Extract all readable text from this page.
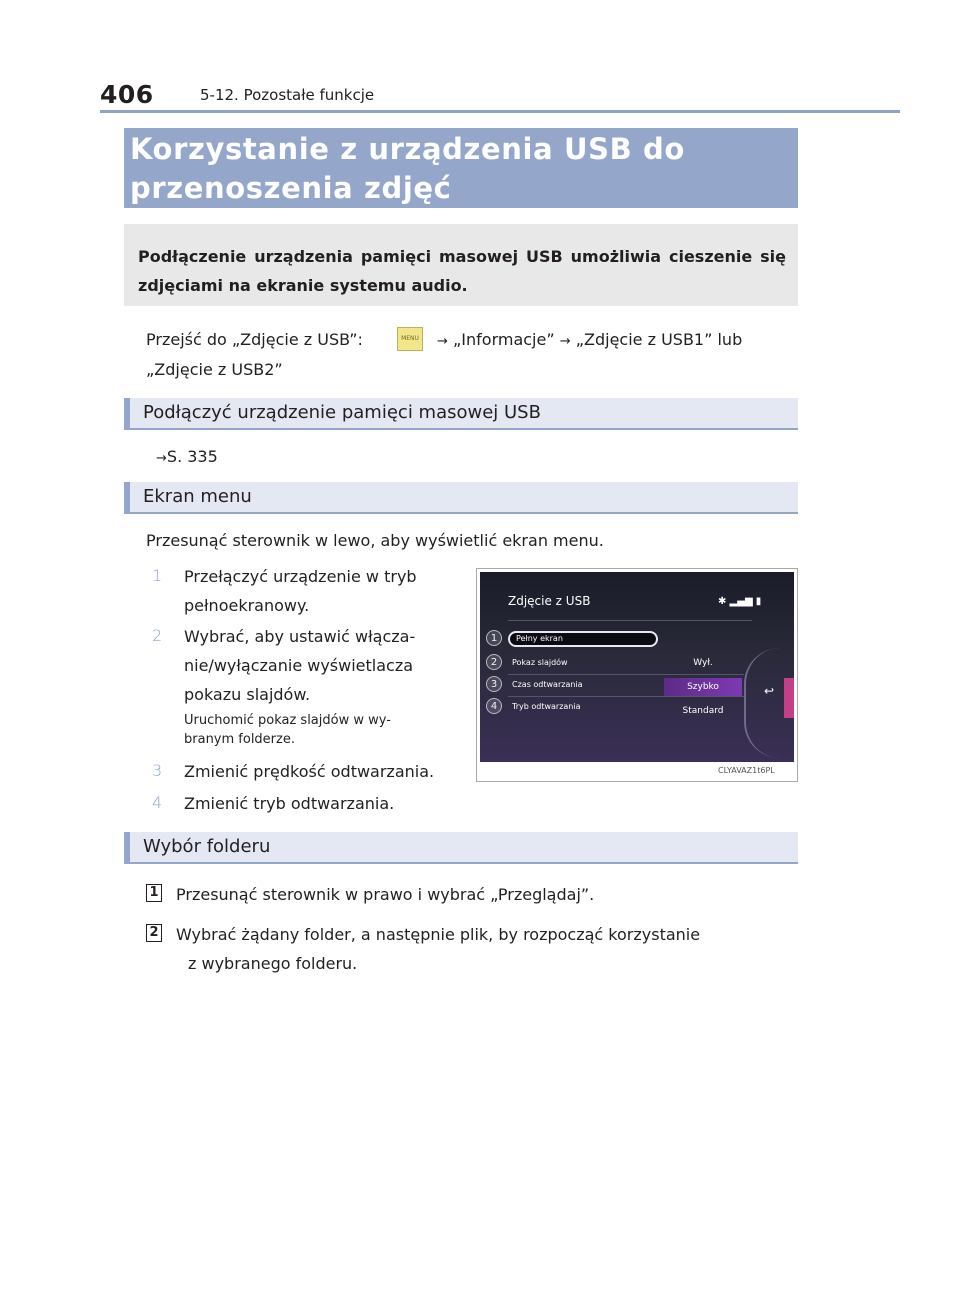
406	5-12. Pozostałe funkcje
Korzystanie z urządzenia USB do
przenoszenia zdjęć
Podłączenie urządzenia pamięci masowej USB umożliwia cieszenie się zdjęciami na ekranie systemu audio.
Przejść do „Zdjęcie z USB”:	MENU	→ „Informacje” → „Zdjęcie z USB1” lub
„Zdjęcie z USB2”
Podłączyć urządzenie pamięci masowej USB
→S. 335
Ekran menu
Przesunąć sterownik w lewo, aby wyświetlić ekran menu.
1 Przełączyć urządzenie w tryb
pełnoekranowy.
2 Wybrać, aby ustawić włącza-
nie/wyłączanie wyświetlacza
pokazu slajdów.
Uruchomić pokaz slajdów w wy-
branym folderze.
3 Zmienić prędkość odtwarzania.
4 Zmienić tryb odtwarzania.
Zdjęcie z USB	✱ ▂▄▆ ▮
1	Pełny ekran
2	Pokaz slajdów	Wył.
3	Czas odtwarzania	Szybko
4	Tryb odtwarzania	Standard
↩
CLYAVAZ1t6PL
Wybór folderu
1 Przesunąć sterownik w prawo i wybrać „Przeglądaj”.
2 Wybrać żądany folder, a następnie plik, by rozpocząć korzystanie
z wybranego folderu.
